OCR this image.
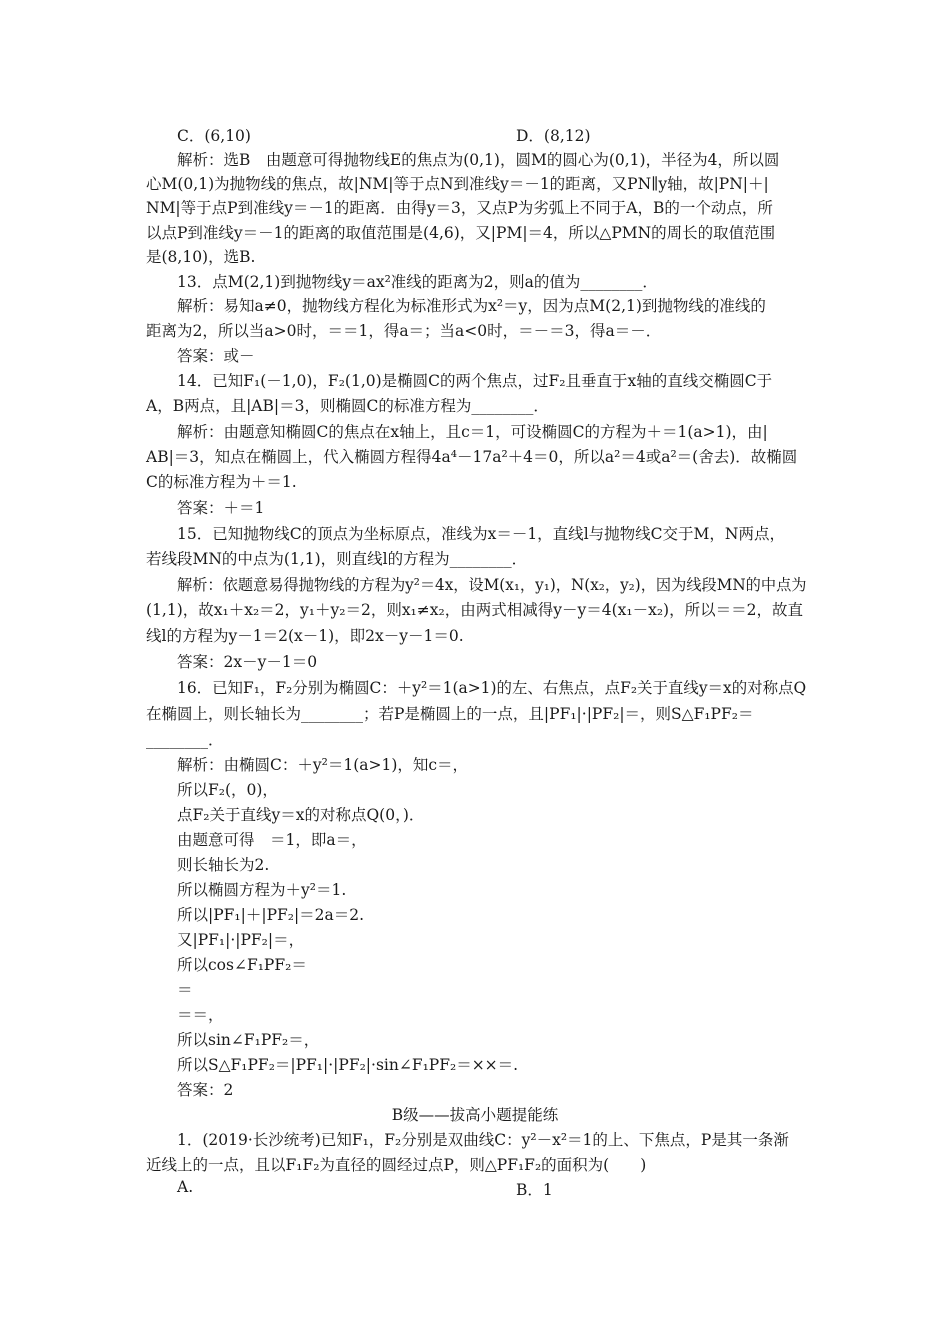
C．(6,10)	D．(8,12)
解析：选B　由题意可得抛物线E的焦点为(0,1)，圆M的圆心为(0,1)，半径为4，所以圆
心M(0,1)为抛物线的焦点，故|NM|等于点N到准线y＝－1的距离，又PN∥y轴，故|PN|＋|
NM|等于点P到准线y＝－1的距离．由得y＝3，又点P为劣弧上不同于A，B的一个动点，所
以点P到准线y＝－1的距离的取值范围是(4,6)，又|PM|＝4，所以△PMN的周长的取值范围
是(8,10)，选B.
13．点M(2,1)到抛物线y＝ax²准线的距离为2，则a的值为________．
解析：易知a≠0，抛物线方程化为标准形式为x²＝y，因为点M(2,1)到抛物线的准线的
距离为2，所以当a>0时，＝＝1，得a＝；当a<0时，＝－＝3，得a＝－．
答案：或－
14．已知F₁(－1,0)，F₂(1,0)是椭圆C的两个焦点，过F₂且垂直于x轴的直线交椭圆C于
A，B两点，且|AB|＝3，则椭圆C的标准方程为________．
解析：由题意知椭圆C的焦点在x轴上，且c＝1，可设椭圆C的方程为＋＝1(a>1)，由|
AB|＝3，知点在椭圆上，代入椭圆方程得4a⁴－17a²＋4＝0，所以a²＝4或a²＝(舍去)．故椭圆
C的标准方程为＋＝1.
答案：＋＝1
15．已知抛物线C的顶点为坐标原点，准线为x＝－1，直线l与抛物线C交于M，N两点，
若线段MN的中点为(1,1)，则直线l的方程为________．
解析：依题意易得抛物线的方程为y²＝4x，设M(x₁，y₁)，N(x₂，y₂)，因为线段MN的中点为
(1,1)，故x₁＋x₂＝2，y₁＋y₂＝2，则x₁≠x₂，由两式相减得y－y＝4(x₁－x₂)，所以＝＝2，故直
线l的方程为y－1＝2(x－1)，即2x－y－1＝0.
答案：2x－y－1＝0
16．已知F₁，F₂分别为椭圆C：＋y²＝1(a>1)的左、右焦点，点F₂关于直线y＝x的对称点Q
在椭圆上，则长轴长为________；若P是椭圆上的一点，且|PF₁|·|PF₂|＝，则S△F₁PF₂＝
________．
解析：由椭圆C：＋y²＝1(a>1)，知c＝，
所以F₂(，0)，
点F₂关于直线y＝x的对称点Q(0，)．
由题意可得　＝1，即a＝，
则长轴长为2.
所以椭圆方程为＋y²＝1.
所以|PF₁|＋|PF₂|＝2a＝2.
又|PF₁|·|PF₂|＝，
所以cos∠F₁PF₂＝
＝
＝＝，
所以sin∠F₁PF₂＝，
所以S△F₁PF₂＝|PF₁|·|PF₂|·sin∠F₁PF₂＝××＝.
答案：2
B级——拔高小题提能练
1．(2019·长沙统考)已知F₁，F₂分别是双曲线C：y²－x²＝1的上、下焦点，P是其一条渐
近线上的一点，且以F₁F₂为直径的圆经过点P，则△PF₁F₂的面积为(　　)
A.	B．1
